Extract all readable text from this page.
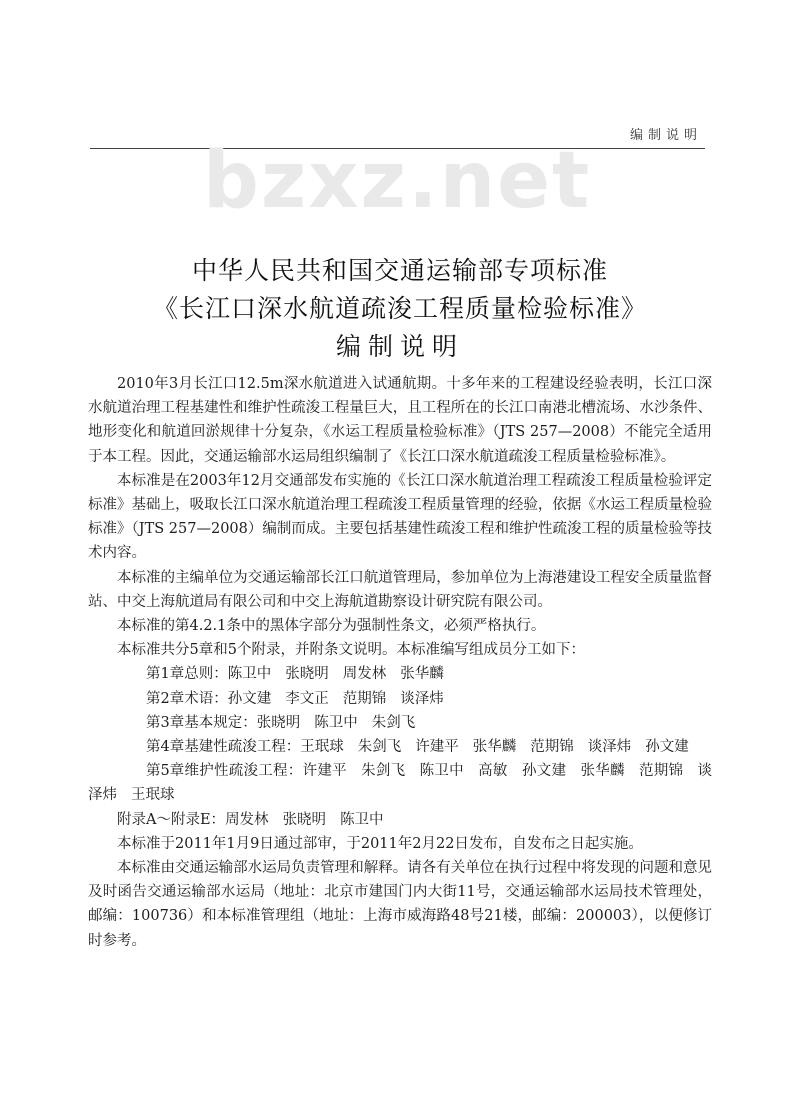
编制说明
bzxz.net

中华人民共和国交通运输部专项标准

《长江口深水航道疏浚工程质量检验标准》

编制说明

2010年3月长江口12.5m深水航道进入试通航期。十多年来的工程建设经验表明，长江口深水航道治理工程基建性和维护性疏浚工程量巨大，且工程所在的长江口南港北槽流场、水沙条件、地形变化和航道回淤规律十分复杂，《水运工程质量检验标准》（JTS 257—2008）不能完全适用于本工程。因此，交通运输部水运局组织编制了《长江口深水航道疏浚工程质量检验标准》。

本标准是在2003年12月交通部发布实施的《长江口深水航道治理工程疏浚工程质量检验评定标准》基础上，吸取长江口深水航道治理工程疏浚工程质量管理的经验，依据《水运工程质量检验标准》（JTS 257—2008）编制而成。主要包括基建性疏浚工程和维护性疏浚工程的质量检验等技术内容。

本标准的主编单位为交通运输部长江口航道管理局，参加单位为上海港建设工程安全质量监督站、中交上海航道局有限公司和中交上海航道勘察设计研究院有限公司。

本标准的第4.2.1条中的黑体字部分为强制性条文，必须严格执行。

本标准共分5章和5个附录，并附条文说明。本标准编写组成员分工如下：

第1章总则：陈卫中 张晓明 周发林 张华麟

第2章术语：孙文建 李文正 范期锦 谈泽炜

第3章基本规定：张晓明 陈卫中 朱剑飞

第4章基建性疏浚工程：王珉球 朱剑飞 许建平 张华麟 范期锦 谈泽炜 孙文建

第5章维护性疏浚工程：许建平 朱剑飞 陈卫中 高敏 孙文建 张华麟 范期锦 谈泽炜 王珉球

附录A～附录E：周发林 张晓明 陈卫中

本标准于2011年1月9日通过部审，于2011年2月22日发布，自发布之日起实施。

本标准由交通运输部水运局负责管理和解释。请各有关单位在执行过程中将发现的问题和意见及时函告交通运输部水运局（地址：北京市建国门内大街11号，交通运输部水运局技术管理处，邮编：100736）和本标准管理组（地址：上海市威海路48号21楼，邮编：200003），以便修订时参考。
